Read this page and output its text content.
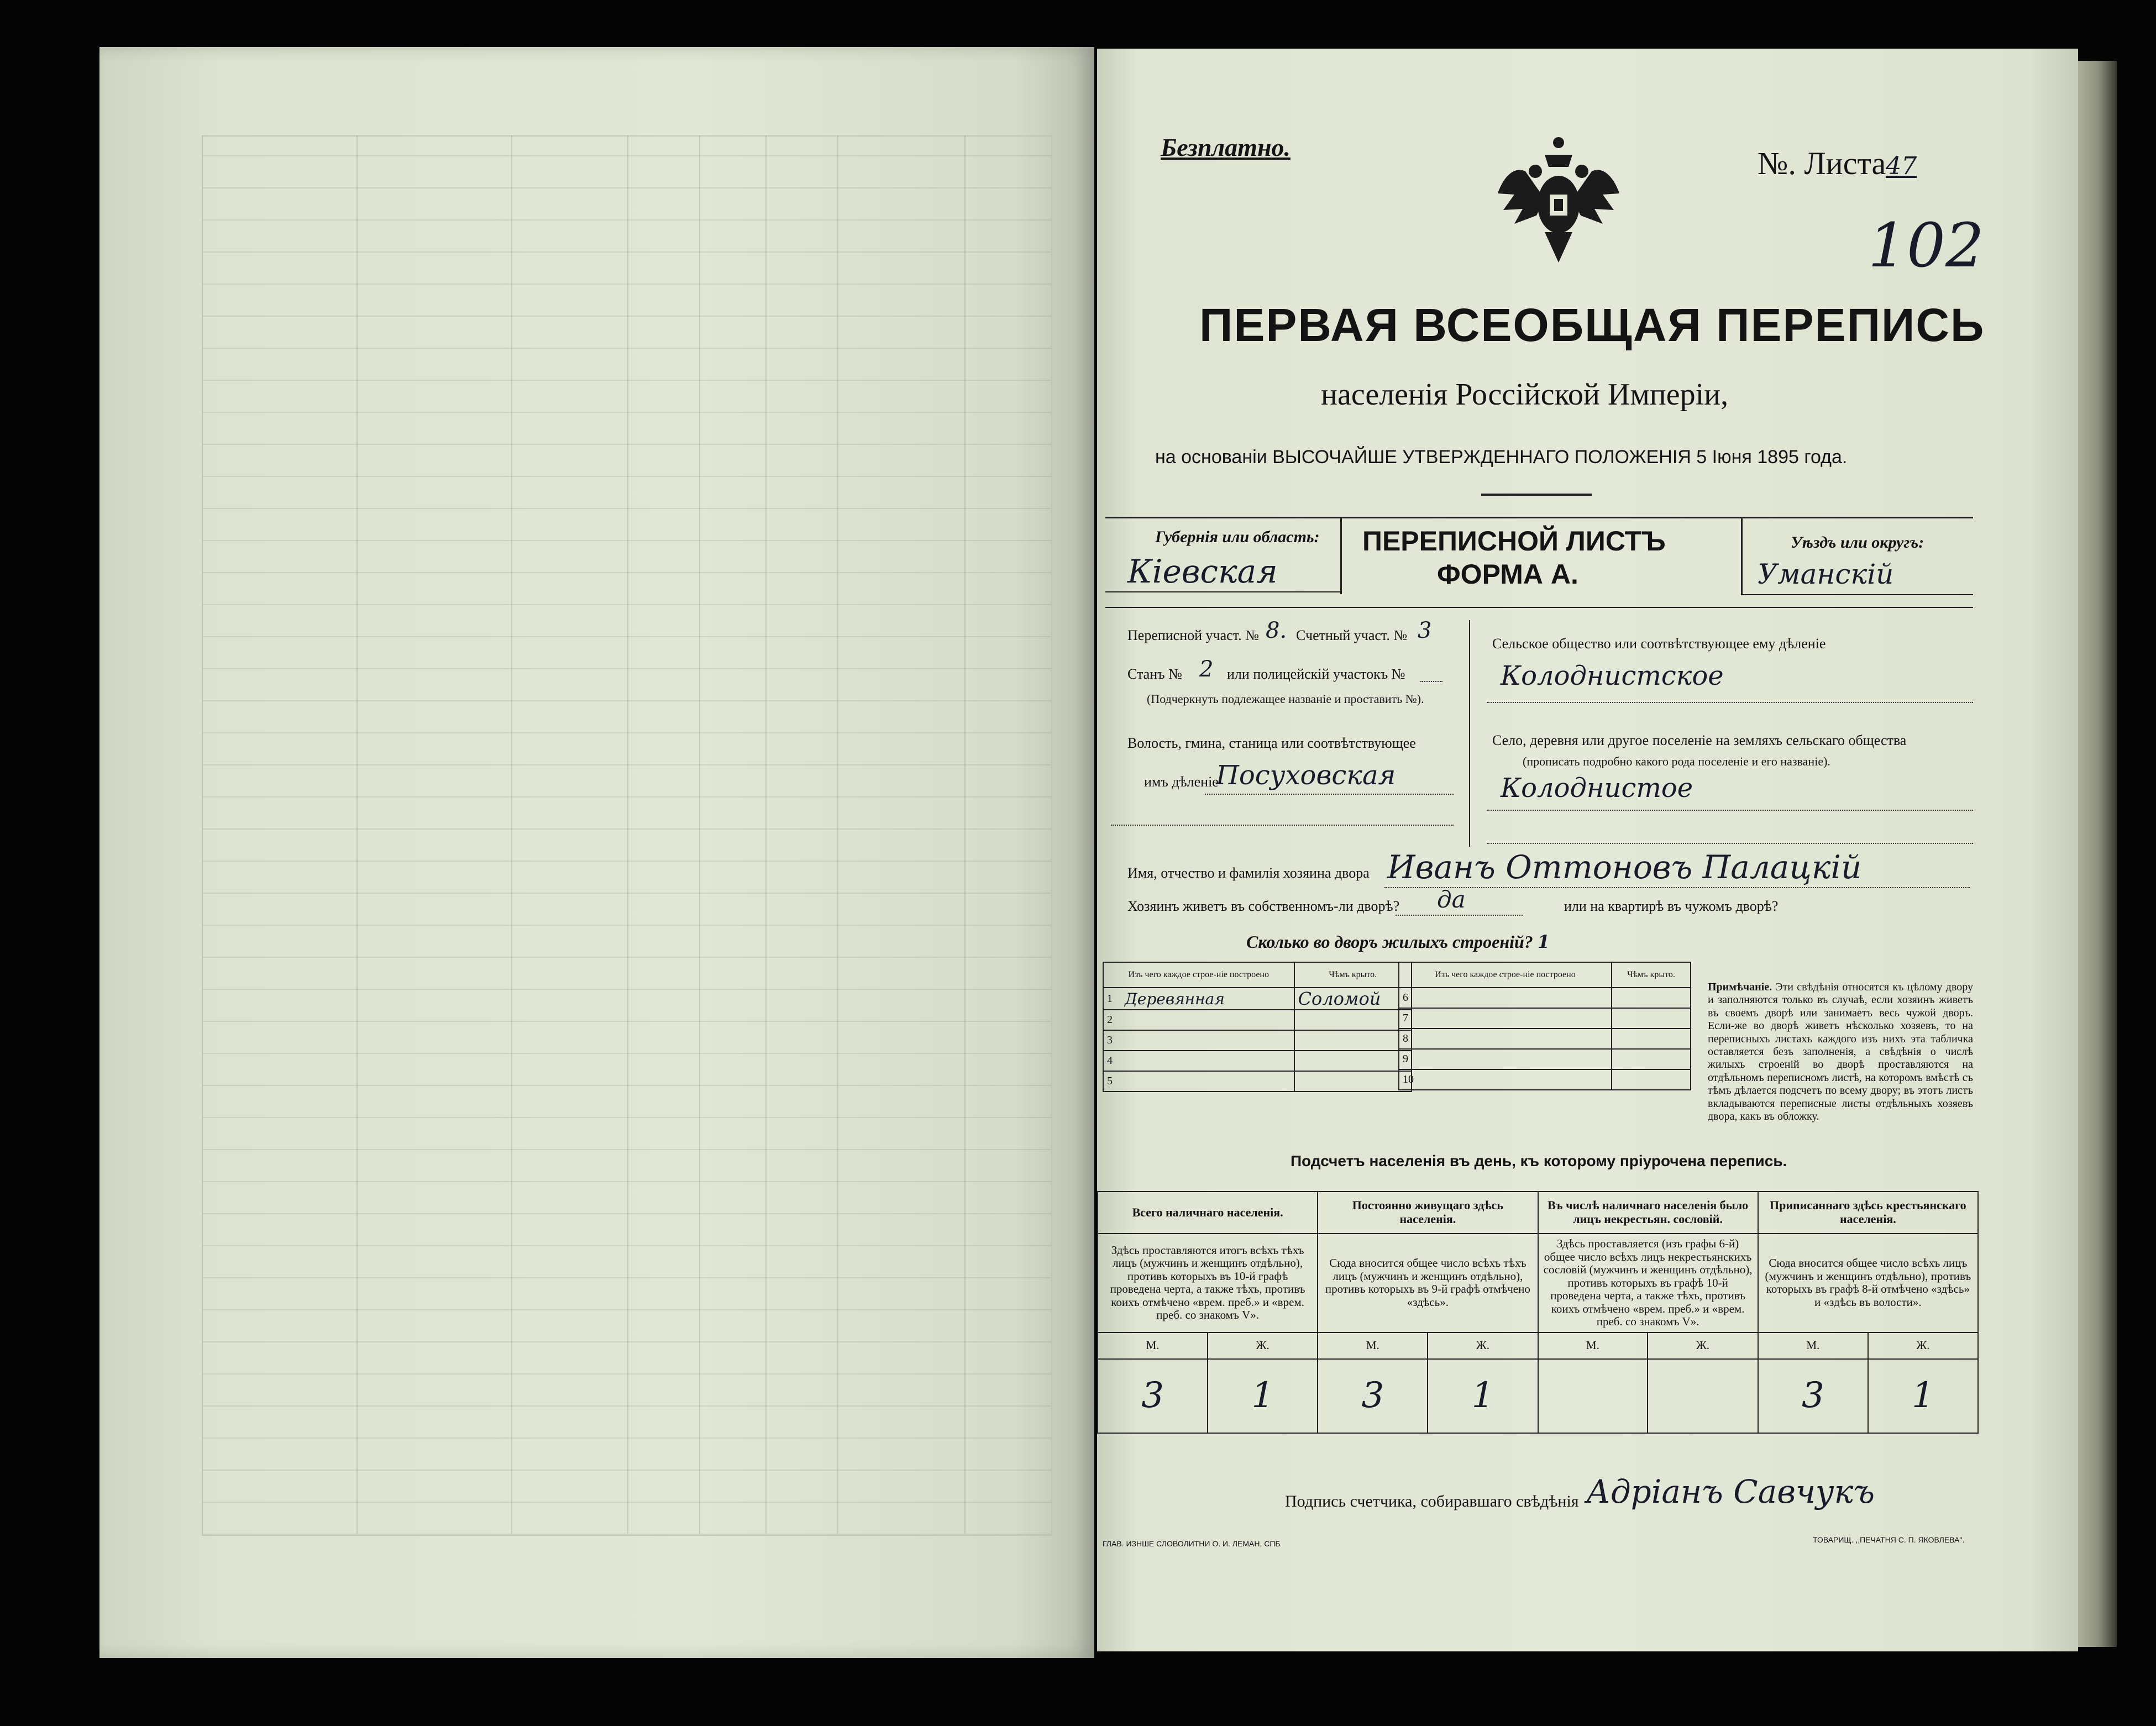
Безплатно.	№. Листа47
102
ПЕРВАЯ ВСЕОБЩАЯ ПЕРЕПИСЬ
населенія Россійской Имперіи,
на основаніи ВЫСОЧАЙШЕ УТВЕРЖДЕННАГО ПОЛОЖЕНІЯ 5 Іюня 1895 года.
Губернія или область:
Кіевская
ПЕРЕПИСНОЙ ЛИСТЪ
ФОРМА А.
Уѣздъ или округъ:
Уманскій
Переписной участ. № 8. Счетный участ. № 3
Станъ № 2 или полицейскій участокъ №
(Подчеркнуть подлежащее названіе и проставить №).
Волость, гмина, станица или соотвѣтствующее
имъ дѣленіе
Посуховская
Сельское общество или соотвѣтствующее ему дѣленіе
Колоднистское
Село, деревня или другое поселеніе на земляхъ сельскаго общества
(прописать подробно какого рода поселеніе и его названіе).
Колоднистое
Имя, отчество и фамилія хозяина двора Иванъ Оттоновъ Палацкій
Хозяинъ живетъ въ собственномъ-ли дворѣ? да	или на квартирѣ въ чужомъ дворѣ?
Сколько во дворъ жилыхъ строеній? 1
Изъ чего каждое строе-ніе построено		Чѣмъ крыто.
1	Деревянная	Соломой
2		
3		
4		
5		
Изъ чего каждое строе-ніе построено		Чѣмъ крыто.
6		
7		
8		
9		
10		
Примѣчаніе. Эти свѣдѣнія относятся къ цѣлому двору и заполняются только въ случаѣ, если хозяинъ живетъ въ своемъ дворѣ или занимаетъ весь чужой дворъ. Если-же во дворѣ живетъ нѣсколько хозяевъ, то на переписныхъ листахъ каждого изъ нихъ эта табличка оставляется безъ заполненія, а свѣдѣнія о числѣ жилыхъ строеній во дворѣ проставляются на отдѣльномъ переписномъ листѣ, на которомъ вмѣстѣ съ тѣмъ дѣлается подсчетъ по всему двору; въ этотъ листъ вкладываются переписные листы отдѣльныхъ хозяевъ двора, какъ въ обложку.
Подсчетъ населенія въ день, къ которому пріурочена перепись.
Всего наличнаго населенія.		Постоянно живущаго здѣсь населенія.		Въ числѣ наличнаго населенія было лицъ некрестьян. сословій.		Приписаннаго здѣсь крестьянскаго населенія.	
Здѣсь проставляются итогъ всѣхъ тѣхъ лицъ (мужчинъ и женщинъ отдѣльно), противъ которыхъ въ 10-й графѣ проведена черта, а также тѣхъ, противъ коихъ отмѣчено «врем. преб.» и «врем. преб. со знакомъ V».		Сюда вносится общее число всѣхъ тѣхъ лицъ (мужчинъ и женщинъ отдѣльно), противъ которыхъ въ 9-й графѣ отмѣчено «здѣсь».		Здѣсь проставляется (изъ графы 6-й) общее число всѣхъ лицъ некрестьянскихъ сословій (мужчинъ и женщинъ отдѣльно), противъ которыхъ въ графѣ 10-й проведена черта, а также тѣхъ, противъ коихъ отмѣчено «врем. преб.» и «врем. преб. со знакомъ V».		Сюда вносится общее число всѣхъ лицъ (мужчинъ и женщинъ отдѣльно), противъ которыхъ въ графѣ 8-й отмѣчено «здѣсь» и «здѣсь въ волости».	
М.	Ж.	М.	Ж.	М.	Ж.	М.	Ж.
3	1	3	1			3	1
Подпись счетчика, собиравшаго свѣдѣнія Адріанъ Савчукъ
ГЛАВ. ИЗНШЕ СЛОВОЛИТНИ О. И. ЛЕМАН, СПБ	ТОВАРИЩ. ,,ПЕЧАТНЯ С. П. ЯКОВЛЕВА''.
